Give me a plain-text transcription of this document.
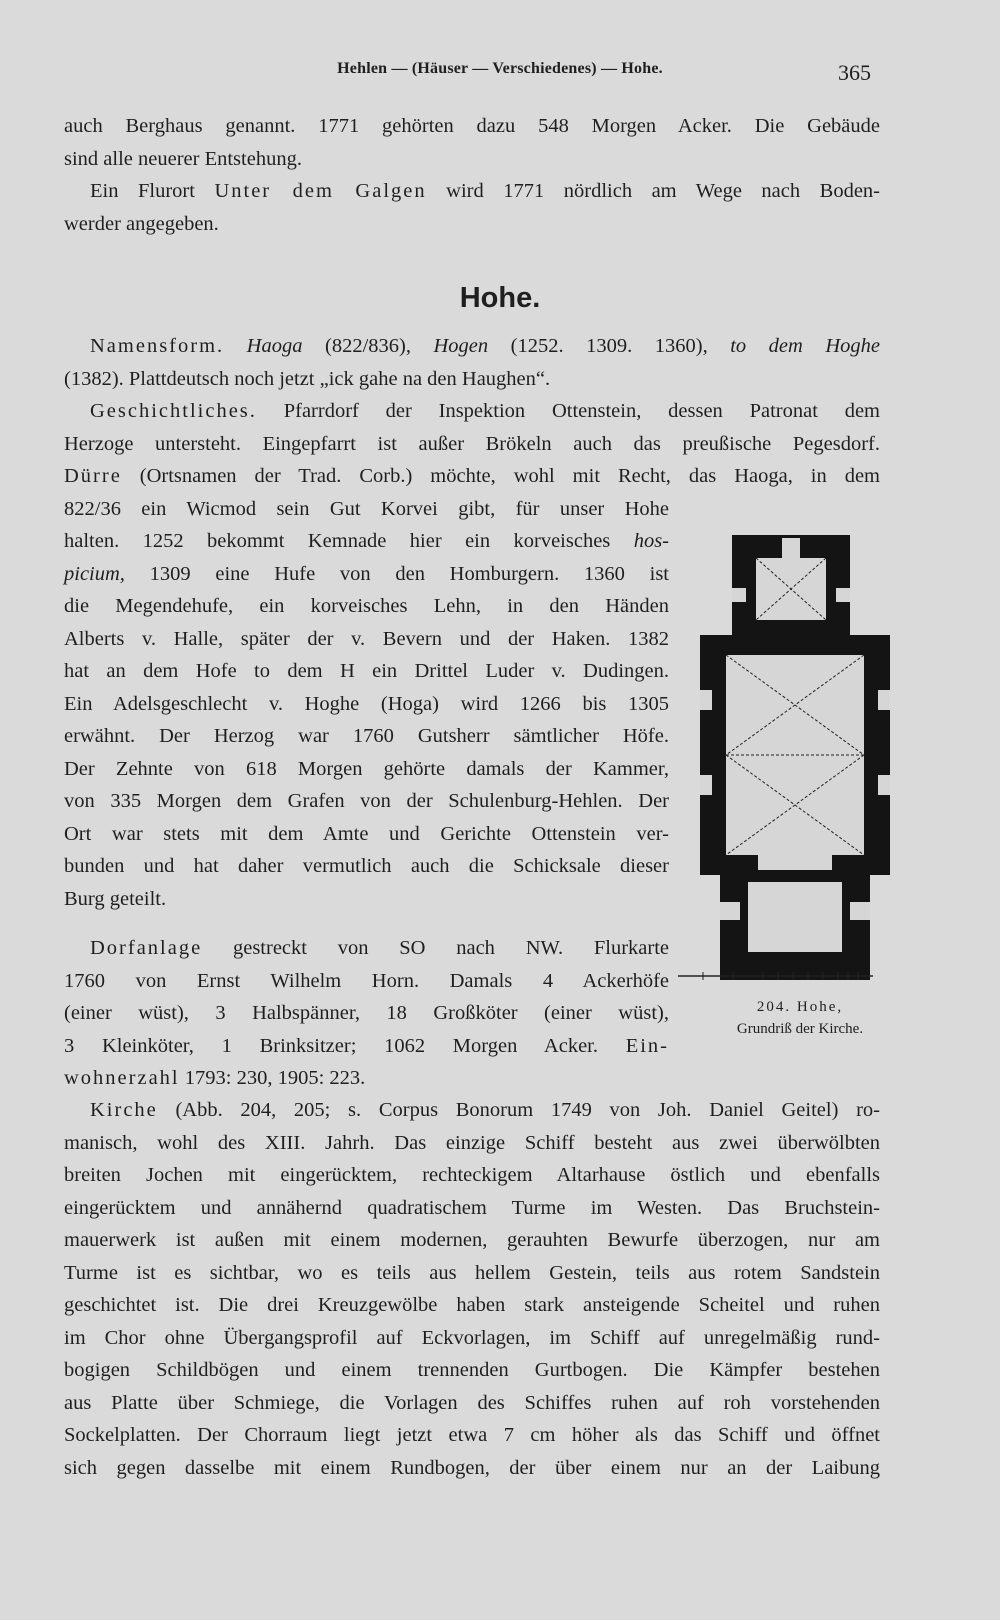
Hehlen — (Häuser — Verschiedenes) — Hohe.	365
auch Berghaus genannt. 1771 gehörten dazu 548 Morgen Acker. Die Gebäude
sind alle neuerer Entstehung.
Ein Flurort Unter dem Galgen wird 1771 nördlich am Wege nach Boden-
werder angegeben.
Hohe.
Namensform. Haoga (822/836), Hogen (1252. 1309. 1360), to dem Hoghe
(1382). Plattdeutsch noch jetzt „ick gahe na den Haughen“.
Geschichtliches. Pfarrdorf der Inspektion Ottenstein, dessen Patronat dem
Herzoge untersteht. Eingepfarrt ist außer Brökeln auch das preußische Pegesdorf.
Dürre (Ortsnamen der Trad. Corb.) möchte, wohl mit Recht, das Haoga, in dem
822/36 ein Wicmod sein Gut Korvei gibt, für unser Hohe
halten. 1252 bekommt Kemnade hier ein korveisches hos-
picium, 1309 eine Hufe von den Homburgern. 1360 ist
die Megendehufe, ein korveisches Lehn, in den Händen
Alberts v. Halle, später der v. Bevern und der Haken. 1382
hat an dem Hofe to dem H ein Drittel Luder v. Dudingen.
Ein Adelsgeschlecht v. Hoghe (Hoga) wird 1266 bis 1305
erwähnt. Der Herzog war 1760 Gutsherr sämtlicher Höfe.
Der Zehnte von 618 Morgen gehörte damals der Kammer,
von 335 Morgen dem Grafen von der Schulenburg-Hehlen. Der
Ort war stets mit dem Amte und Gerichte Ottenstein ver-
bunden und hat daher vermutlich auch die Schicksale dieser
Burg geteilt.
Dorfanlage gestreckt von SO nach NW. Flurkarte
1760 von Ernst Wilhelm Horn. Damals 4 Ackerhöfe
(einer wüst), 3 Halbspänner, 18 Großköter (einer wüst),
3 Kleinköter, 1 Brinksitzer; 1062 Morgen Acker. Ein-
wohnerzahl 1793: 230, 1905: 223.
204. Hohe,
Grundriß der Kirche.
Kirche (Abb. 204, 205; s. Corpus Bonorum 1749 von Joh. Daniel Geitel) ro-
manisch, wohl des XIII. Jahrh. Das einzige Schiff besteht aus zwei überwölbten
breiten Jochen mit eingerücktem, rechteckigem Altarhause östlich und ebenfalls
eingerücktem und annähernd quadratischem Turme im Westen. Das Bruchstein-
mauerwerk ist außen mit einem modernen, gerauhten Bewurfe überzogen, nur am
Turme ist es sichtbar, wo es teils aus hellem Gestein, teils aus rotem Sandstein
geschichtet ist. Die drei Kreuzgewölbe haben stark ansteigende Scheitel und ruhen
im Chor ohne Übergangsprofil auf Eckvorlagen, im Schiff auf unregelmäßig rund-
bogigen Schildbögen und einem trennenden Gurtbogen. Die Kämpfer bestehen
aus Platte über Schmiege, die Vorlagen des Schiffes ruhen auf roh vorstehenden
Sockelplatten. Der Chorraum liegt jetzt etwa 7 cm höher als das Schiff und öffnet
sich gegen dasselbe mit einem Rundbogen, der über einem nur an der Laibung
